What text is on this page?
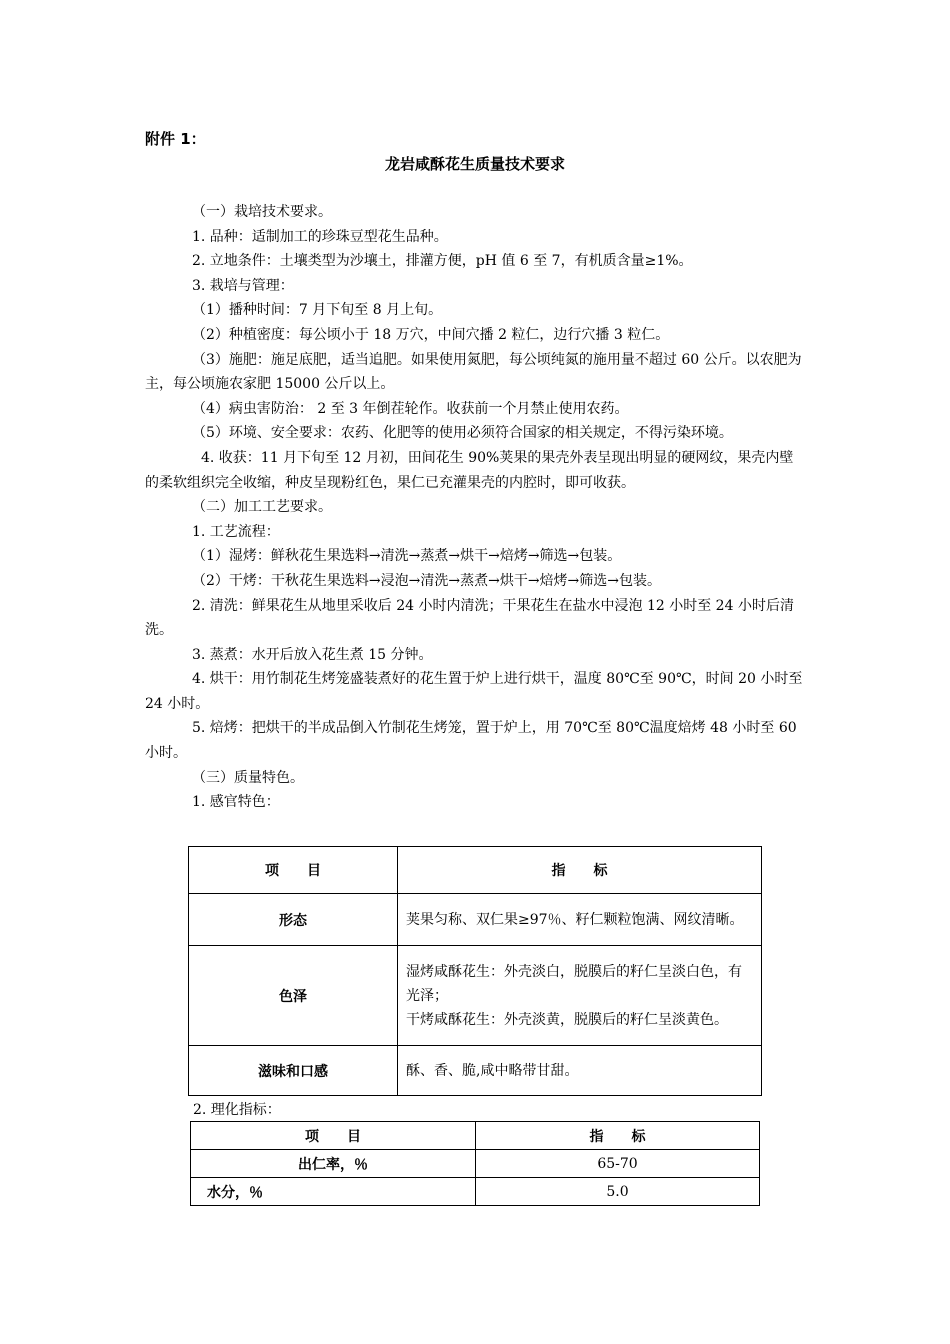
附件 1：
龙岩咸酥花生质量技术要求

（一）栽培技术要求。

1. 品种：适制加工的珍珠豆型花生品种。

2. 立地条件：土壤类型为沙壤土，排灌方便，pH 值 6 至 7，有机质含量≥1%。

3. 栽培与管理：

（1）播种时间：7 月下旬至 8 月上旬。

（2）种植密度：每公顷小于 18 万穴，中间穴播 2 粒仁，边行穴播 3 粒仁。

（3）施肥：施足底肥，适当追肥。如果使用氮肥，每公顷纯氮的施用量不超过 60 公斤。以农肥为主，每公顷施农家肥 15000 公斤以上。

（4）病虫害防治： 2 至 3 年倒茬轮作。收获前一个月禁止使用农药。

（5）环境、安全要求：农药、化肥等的使用必须符合国家的相关规定，不得污染环境。

4. 收获：11 月下旬至 12 月初，田间花生 90%荚果的果壳外表呈现出明显的硬网纹，果壳内壁的柔软组织完全收缩，种皮呈现粉红色，果仁已充灌果壳的内腔时，即可收获。

（二）加工工艺要求。

1. 工艺流程：

（1）湿烤：鲜秋花生果选料→清洗→蒸煮→烘干→焙烤→筛选→包装。

（2）干烤：干秋花生果选料→浸泡→清洗→蒸煮→烘干→焙烤→筛选→包装。

2. 清洗：鲜果花生从地里采收后 24 小时内清洗；干果花生在盐水中浸泡 12 小时至 24 小时后清洗。

3. 蒸煮：水开后放入花生煮 15 分钟。

4. 烘干：用竹制花生烤笼盛装煮好的花生置于炉上进行烘干，温度 80℃至 90℃，时间 20 小时至 24 小时。

5. 焙烤：把烘干的半成品倒入竹制花生烤笼，置于炉上，用 70℃至 80℃温度焙烤 48 小时至 60 小时。

（三）质量特色。

1. 感官特色：

项　　目	指　　标
形态	荚果匀称、双仁果≥97％、籽仁颗粒饱满、网纹清晰。

色泽	湿烤咸酥花生：外壳淡白，脱膜后的籽仁呈淡白色，有光泽；
干烤咸酥花生：外壳淡黄，脱膜后的籽仁呈淡黄色。

滋味和口感	酥、香、脆,咸中略带甘甜。
2. 理化指标：
项　　目	指　　标
出仁率，％	65-70
水分，％	5.0
